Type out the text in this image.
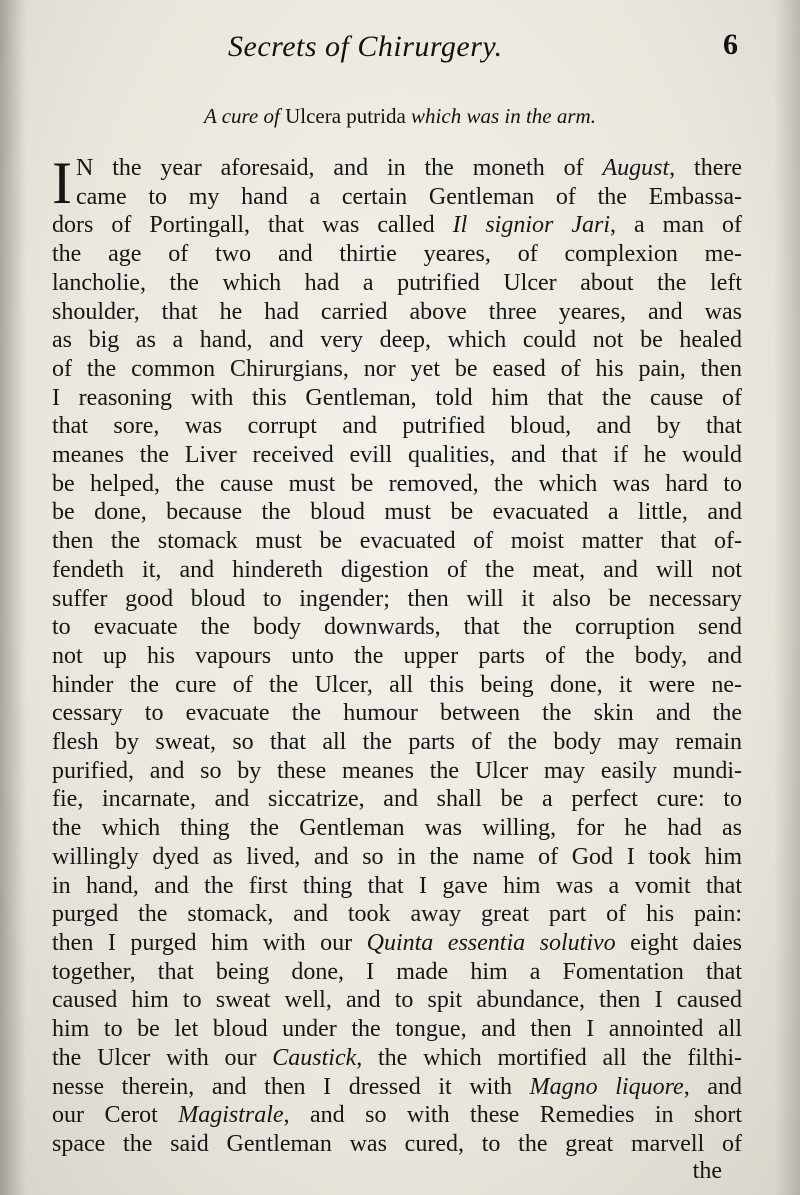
Secrets of Chirurgery.	6
A cure of Ulcera putrida which was in the arm.
I N the year aforesaid, and in the moneth of August, there
came to my hand a certain Gentleman of the Embassa-
dors of Portingall, that was called Il signior Jari, a man of
the age of two and thirtie yeares, of complexion me-
lancholie, the which had a putrified Ulcer about the left
shoulder, that he had carried above three yeares, and was
as big as a hand, and very deep, which could not be healed
of the common Chirurgians, nor yet be eased of his pain, then
I reasoning with this Gentleman, told him that the cause of
that sore, was corrupt and putrified bloud, and by that
meanes the Liver received evill qualities, and that if he would
be helped, the cause must be removed, the which was hard to
be done, because the bloud must be evacuated a little, and
then the stomack must be evacuated of moist matter that of-
fendeth it, and hindereth digestion of the meat, and will not
suffer good bloud to ingender; then will it also be necessary
to evacuate the body downwards, that the corruption send
not up his vapours unto the upper parts of the body, and
hinder the cure of the Ulcer, all this being done, it were ne-
cessary to evacuate the humour between the skin and the
flesh by sweat, so that all the parts of the body may remain
purified, and so by these meanes the Ulcer may easily mundi-
fie, incarnate, and siccatrize, and shall be a perfect cure: to
the which thing the Gentleman was willing, for he had as
willingly dyed as lived, and so in the name of God I took him
in hand, and the first thing that I gave him was a vomit that
purged the stomack, and took away great part of his pain:
then I purged him with our Quinta essentia solutivo eight daies
together, that being done, I made him a Fomentation that
caused him to sweat well, and to spit abundance, then I caused
him to be let bloud under the tongue, and then I annointed all
the Ulcer with our Caustick, the which mortified all the filthi-
nesse therein, and then I dressed it with Magno liquore, and
our Cerot Magistrale, and so with these Remedies in short
space the said Gentleman was cured, to the great marvell of
the
